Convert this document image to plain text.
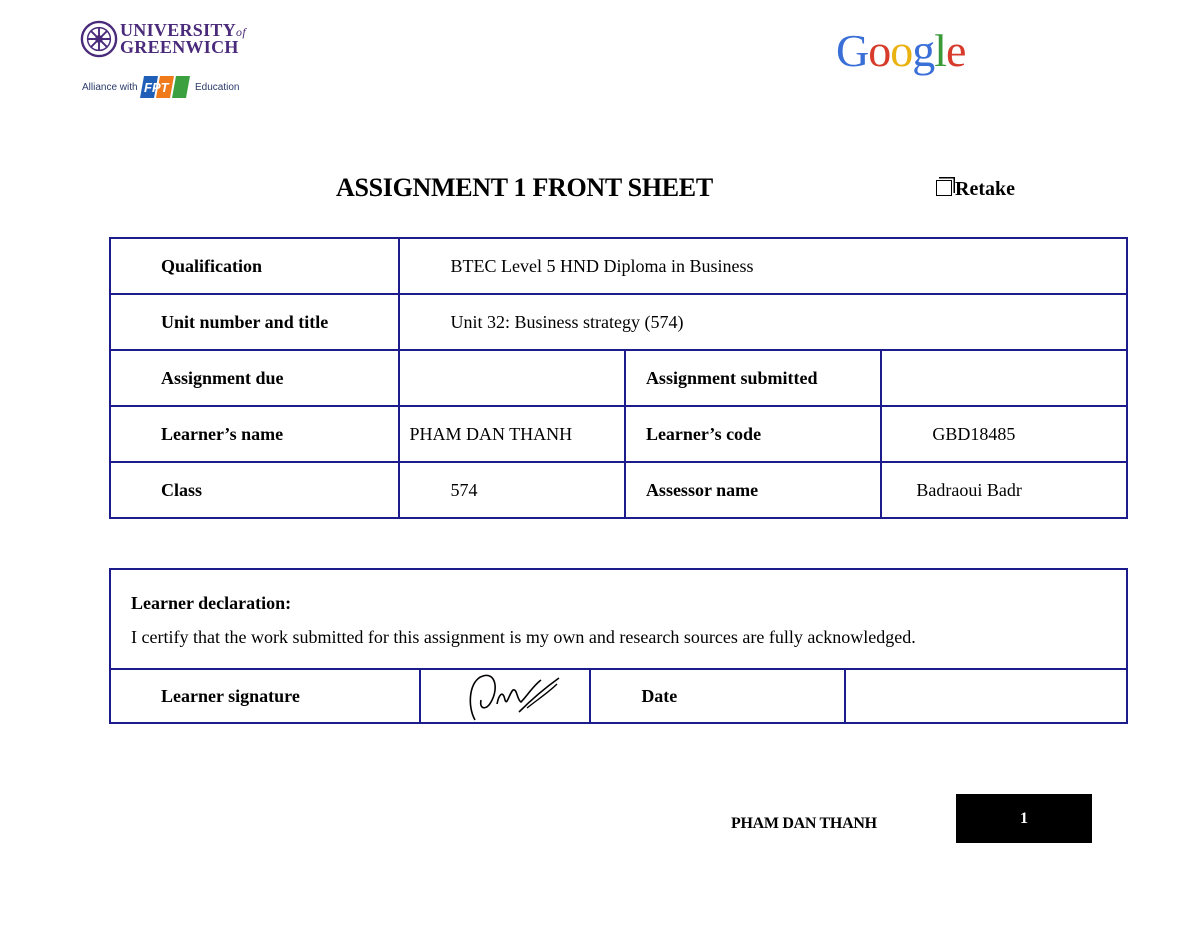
UNIVERSITYof
GREENWICH
Alliance with FPT	Education
Google
ASSIGNMENT 1 FRONT SHEET	Retake
Qualification	BTEC Level 5 HND Diploma in Business		
Unit number and title	Unit 32: Business strategy (574)		
Assignment due		Assignment submitted	
Learner’s name	PHAM DAN THANH	Learner’s code	GBD18485
Class	574	Assessor name	Badraoui Badr
Learner declaration:
I certify that the work submitted for this assignment is my own and research sources are fully acknowledged.

Learner signature		Date	
PHAM DAN THANH	1
